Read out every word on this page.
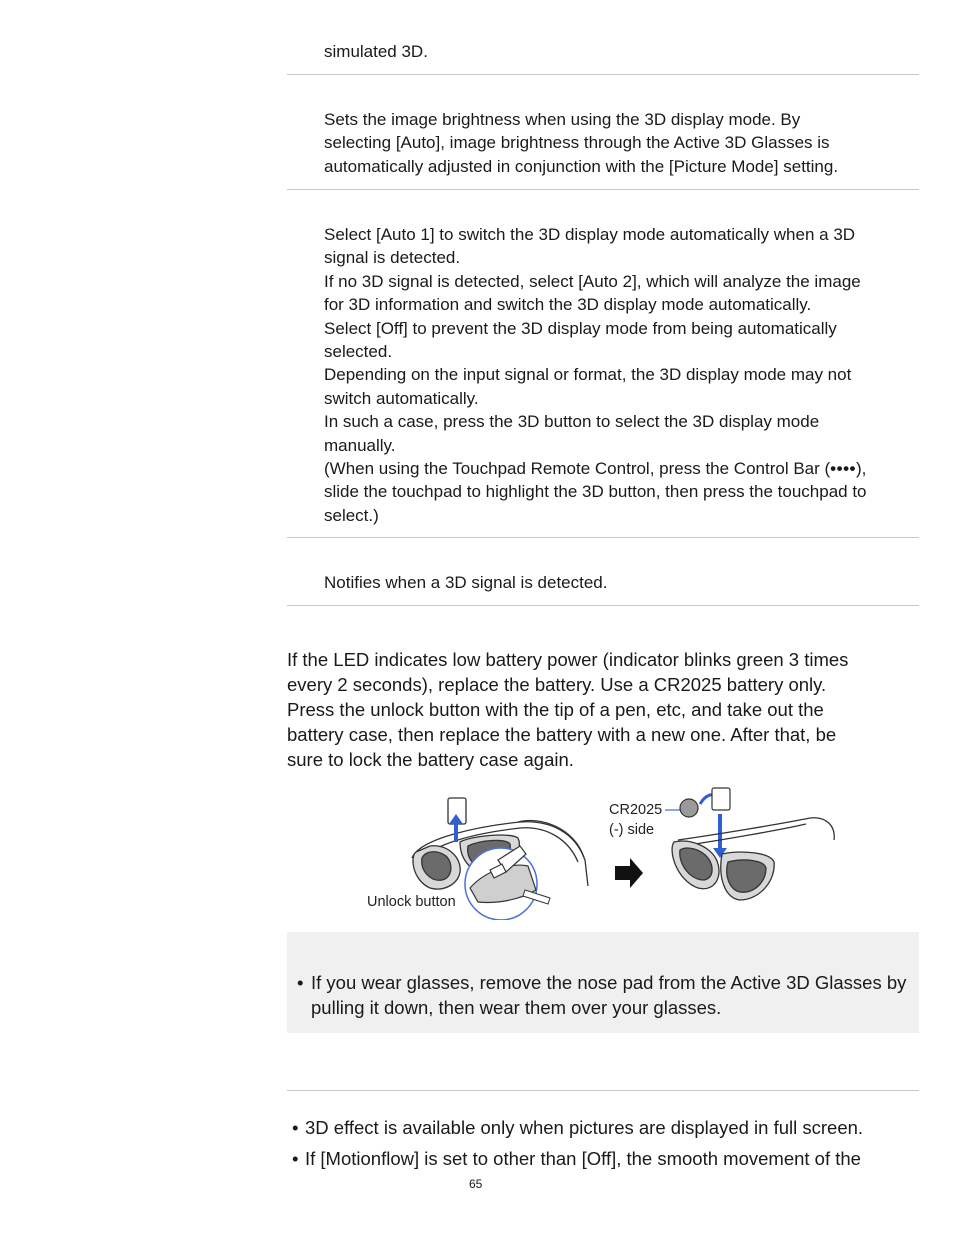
simulated 3D.

Sets the image brightness when using the 3D display mode. By

selecting [Auto], image brightness through the Active 3D Glasses is

automatically adjusted in conjunction with the [Picture Mode] setting.

Select [Auto 1] to switch the 3D display mode automatically when a 3D

signal is detected.

If no 3D signal is detected, select [Auto 2], which will analyze the image

for 3D information and switch the 3D display mode automatically.

Select [Off] to prevent the 3D display mode from being automatically

selected.

Depending on the input signal or format, the 3D display mode may not

switch automatically.

In such a case, press the 3D button to select the 3D display mode

manually.

(When using the Touchpad Remote Control, press the Control Bar (••••),

slide the touchpad to highlight the 3D button, then press the touchpad to

select.)

Notifies when a 3D signal is detected.

If the LED indicates low battery power (indicator blinks green 3 times
every 2 seconds), replace the battery. Use a CR2025 battery only.
Press the unlock button with the tip of a pen, etc, and take out the
battery case, then replace the battery with a new one. After that, be
sure to lock the battery case again.
Unlock button
CR2025
(-) side
• If you wear glasses, remove the nose pad from the Active 3D Glasses by
pulling it down, then wear them over your glasses.
• 3D effect is available only when pictures are displayed in full screen.
• If [Motionflow] is set to other than [Off], the smooth movement of the
65
